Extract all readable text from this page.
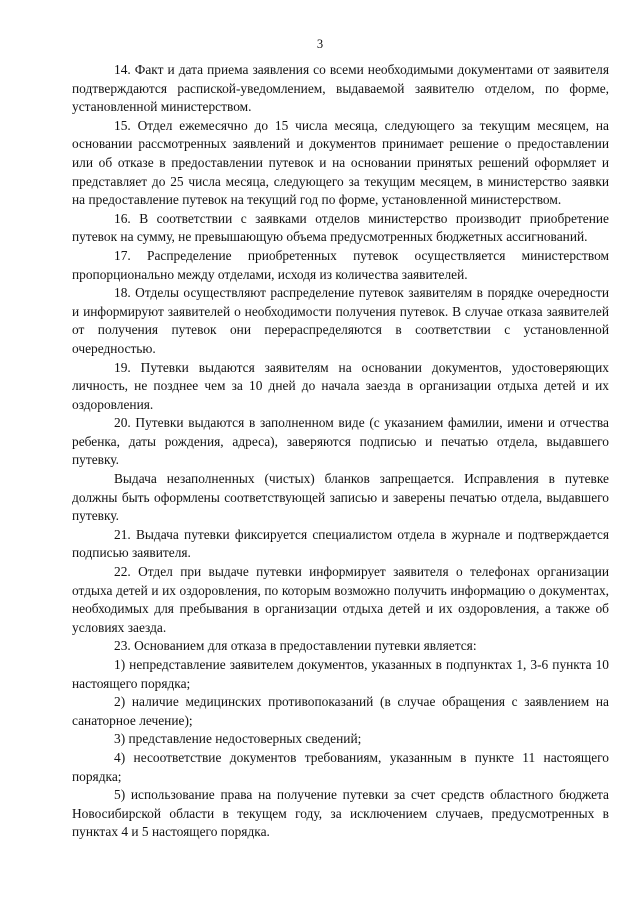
3

14. Факт и дата приема заявления со всеми необходимыми документами от заявителя подтверждаются распиской-уведомлением, выдаваемой заявителю отделом, по форме, установленной министерством.

15. Отдел ежемесячно до 15 числа месяца, следующего за текущим месяцем, на основании рассмотренных заявлений и документов принимает решение о предоставлении или об отказе в предоставлении путевок и на основании принятых решений оформляет и представляет до 25 числа месяца, следующего за текущим месяцем, в министерство заявки на предоставление путевок на текущий год по форме, установленной министерством.

16. В соответствии с заявками отделов министерство производит приобретение путевок на сумму, не превышающую объема предусмотренных бюджетных ассигнований.

17. Распределение приобретенных путевок осуществляется министерством пропорционально между отделами, исходя из количества заявителей.

18. Отделы осуществляют распределение путевок заявителям в порядке очередности и информируют заявителей о необходимости получения путевок. В случае отказа заявителей от получения путевок они перераспределяются в соответствии с установленной очередностью.

19. Путевки выдаются заявителям на основании документов, удостоверяющих личность, не позднее чем за 10 дней до начала заезда в организации отдыха детей и их оздоровления.

20. Путевки выдаются в заполненном виде (с указанием фамилии, имени и отчества ребенка, даты рождения, адреса), заверяются подписью и печатью отдела, выдавшего путевку.

Выдача незаполненных (чистых) бланков запрещается. Исправления в путевке должны быть оформлены соответствующей записью и заверены печатью отдела, выдавшего путевку.

21. Выдача путевки фиксируется специалистом отдела в журнале и подтверждается подписью заявителя.

22. Отдел при выдаче путевки информирует заявителя о телефонах организации отдыха детей и их оздоровления, по которым возможно получить информацию о документах, необходимых для пребывания в организации отдыха детей и их оздоровления, а также об условиях заезда.

23. Основанием для отказа в предоставлении путевки является:

1) непредставление заявителем документов, указанных в подпунктах 1, 3-6 пункта 10 настоящего порядка;

2) наличие медицинских противопоказаний (в случае обращения с заявлением на санаторное лечение);

3) представление недостоверных сведений;

4) несоответствие документов требованиям, указанным в пункте 11 настоящего порядка;

5) использование права на получение путевки за счет средств областного бюджета Новосибирской области в текущем году, за исключением случаев, предусмотренных в пунктах 4 и 5 настоящего порядка.
